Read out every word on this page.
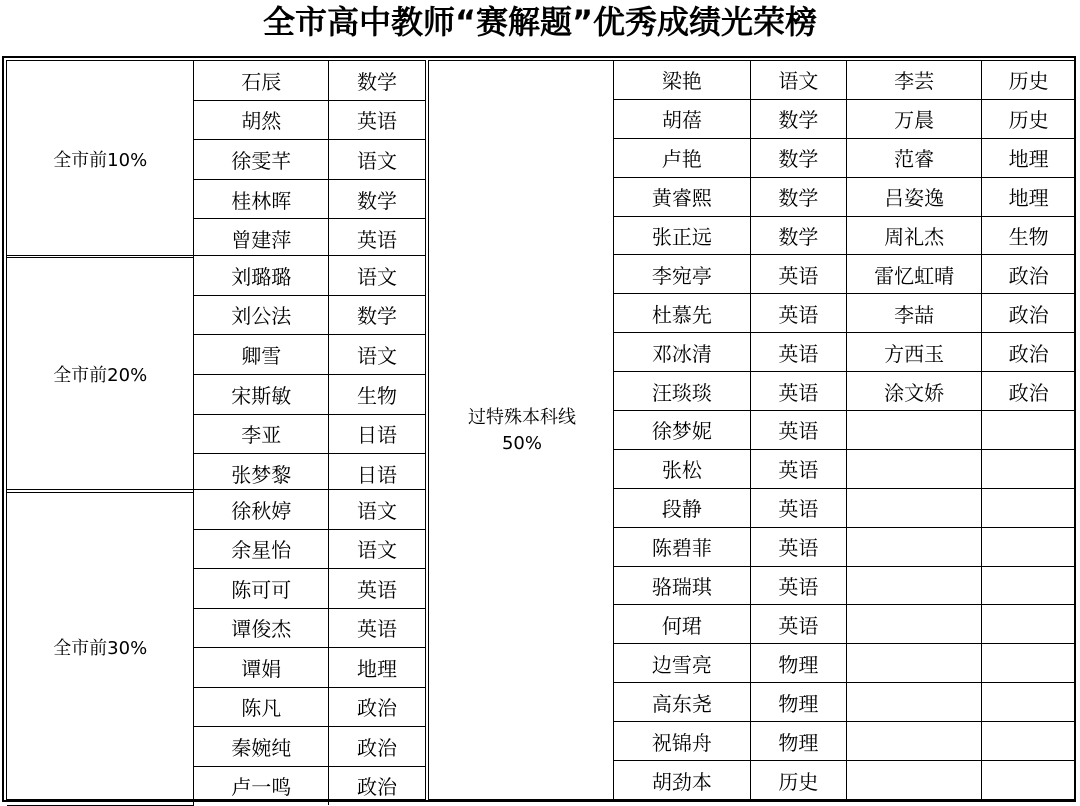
全市高中教师“赛解题”优秀成绩光荣榜
全市前10%	石辰	数学
	胡然	英语
	徐雯芊	语文
	桂林晖	数学
	曾建萍	英语
全市前20%	刘璐璐	语文
	刘公法	数学
	卿雪	语文
	宋斯敏	生物
	李亚	日语
	张梦黎	日语
全市前30%	徐秋婷	语文
	余星怡	语文
	陈可可	英语
	谭俊杰	英语
	谭娟	地理
	陈凡	政治
	秦婉纯	政治
	卢一鸣	政治
过特殊本科线
50%
梁艳	语文	李芸	历史
胡蓓	数学	万晨	历史
卢艳	数学	范睿	地理
黄睿熙	数学	吕姿逸	地理
张正远	数学	周礼杰	生物
李宛亭	英语	雷忆虹晴	政治
杜慕先	英语	李喆	政治
邓冰清	英语	方西玉	政治
汪琰琰	英语	涂文娇	政治
徐梦妮	英语		
张松	英语		
段静	英语		
陈碧菲	英语		
骆瑞琪	英语		
何珺	英语		
边雪亮	物理		
高东尧	物理		
祝锦舟	物理		
胡劲本	历史		
